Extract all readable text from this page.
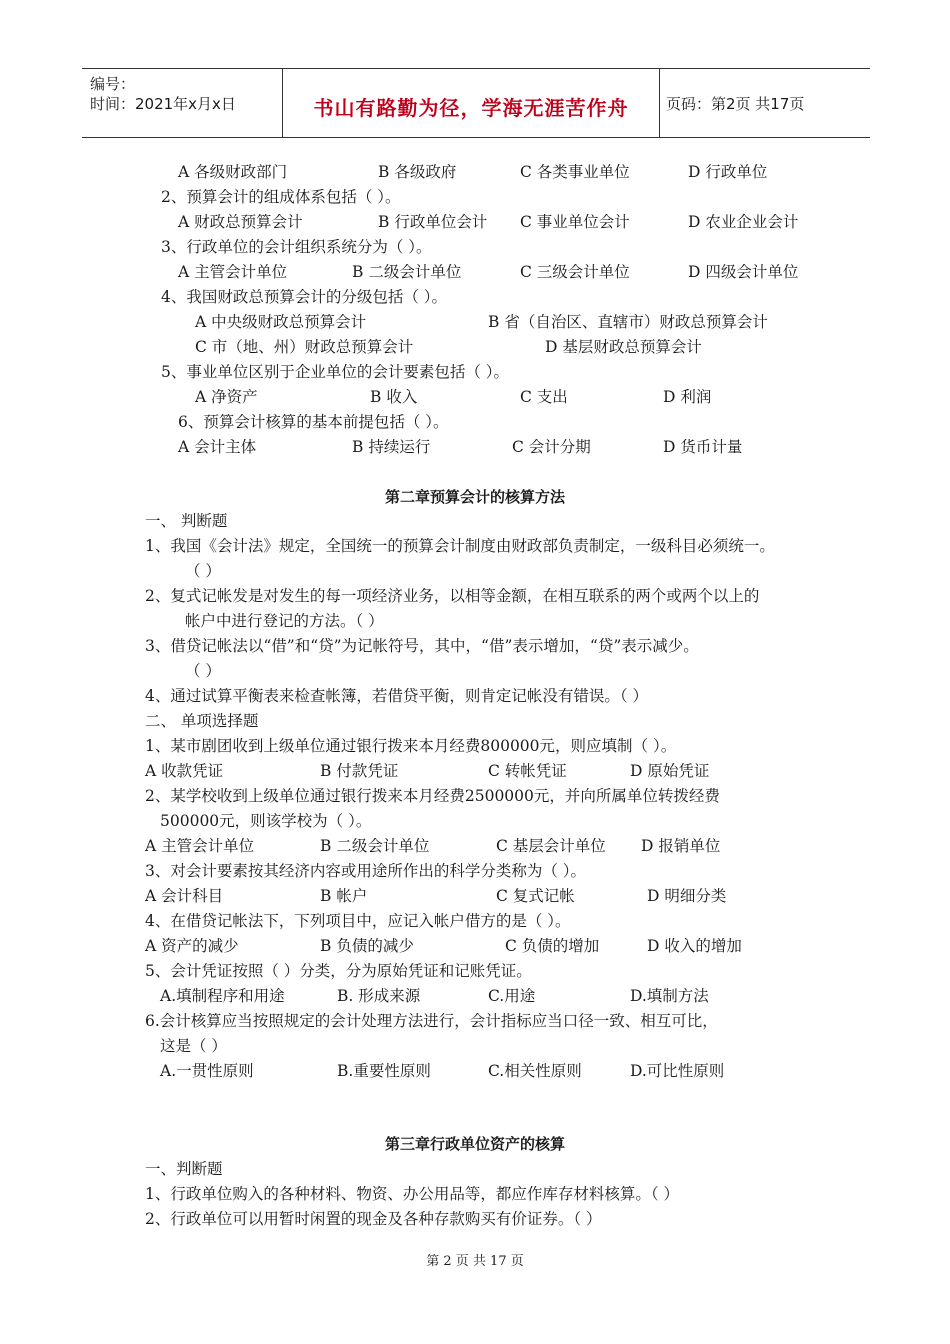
编号：
时间：2021年x月x日	书山有路勤为径，学海无涯苦作舟	页码：第2页 共17页
A 各级财政部门	B 各级政府	C 各类事业单位	D 行政单位
2、预算会计的组成体系包括（ ）。
A 财政总预算会计	B 行政单位会计 C 事业单位会计	D 农业企业会计
3、行政单位的会计组织系统分为（ ）。
A 主管会计单位	B 二级会计单位	C 三级会计单位	D 四级会计单位
4、我国财政总预算会计的分级包括（ ）。
A 中央级财政总预算会计	B 省（自治区、直辖市）财政总预算会计
C 市（地、州）财政总预算会计	D 基层财政总预算会计
5、事业单位区别于企业单位的会计要素包括（ ）。
A 净资产	B 收入	C 支出	D 利润
6、预算会计核算的基本前提包括（ ）。
A 会计主体	B 持续运行	C 会计分期	D 货币计量
一、 判断题
1、我国《会计法》规定，全国统一的预算会计制度由财政部负责制定，一级科目必须统一。
（ ）
2、复式记帐发是对发生的每一项经济业务，以相等金额，在相互联系的两个或两个以上的
帐户中进行登记的方法。（ ）
3、借贷记帐法以“借”和“贷”为记帐符号，其中，“借”表示增加，“贷”表示减少。
（ ）
4、通过试算平衡表来检查帐簿，若借贷平衡，则肯定记帐没有错误。（ ）
二、 单项选择题
1、某市剧团收到上级单位通过银行拨来本月经费800000元，则应填制（ ）。
A 收款凭证	B 付款凭证	C 转帐凭证	D 原始凭证
2、某学校收到上级单位通过银行拨来本月经费2500000元，并向所属单位转拨经费
500000元，则该学校为（ ）。
A 主管会计单位	B 二级会计单位	C 基层会计单位 D 报销单位
3、对会计要素按其经济内容或用途所作出的科学分类称为（ ）。
A 会计科目	B 帐户	C 复式记帐	D 明细分类
4、在借贷记帐法下，下列项目中，应记入帐户借方的是（ ）。
A 资产的减少	B 负债的减少	C 负债的增加	D 收入的增加
5、会计凭证按照（ ）分类，分为原始凭证和记账凭证。
A.填制程序和用途	B. 形成来源	C.用途	D.填制方法
6.会计核算应当按照规定的会计处理方法进行，会计指标应当口径一致、相互可比，
这是（ ）
A.一贯性原则	B.重要性原则	C.相关性原则	D.可比性原则
一、判断题
1、行政单位购入的各种材料、物资、办公用品等，都应作库存材料核算。（ ）
2、行政单位可以用暂时闲置的现金及各种存款购买有价证券。（ ）
第二章预算会计的核算方法
第三章行政单位资产的核算
第 2 页 共 17 页
